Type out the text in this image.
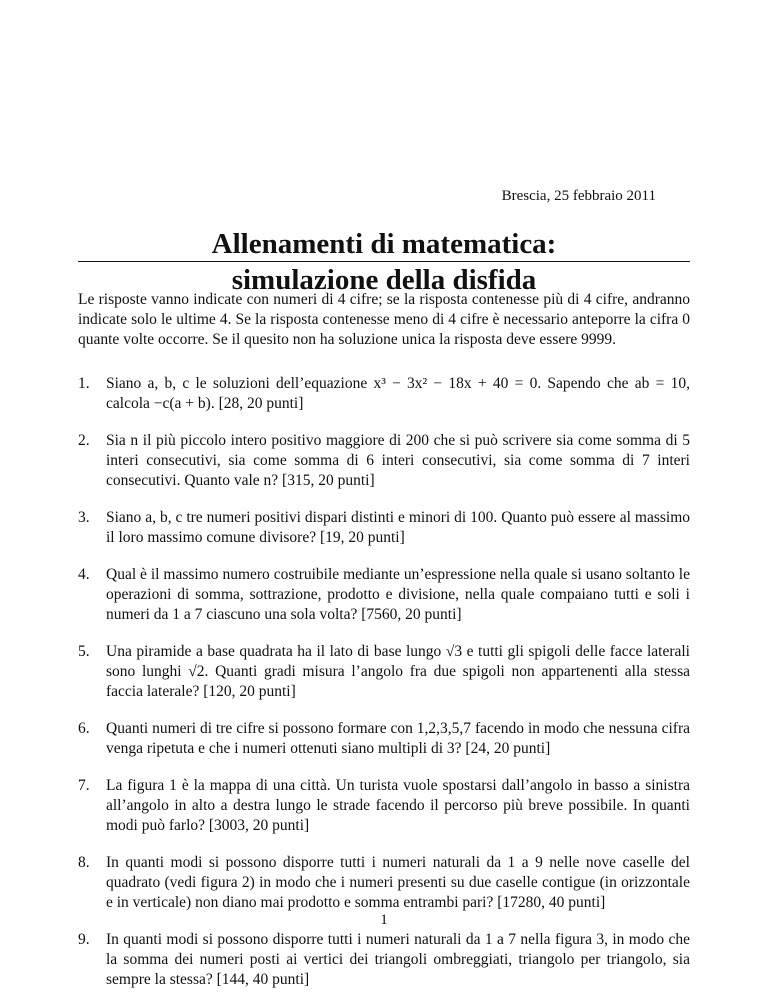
Brescia, 25 febbraio 2011
Allenamenti di matematica:
simulazione della disfida
Le risposte vanno indicate con numeri di 4 cifre; se la risposta contenesse più di 4 cifre, andranno indicate solo le ultime 4. Se la risposta contenesse meno di 4 cifre è necessario anteporre la cifra 0 quante volte occorre. Se il quesito non ha soluzione unica la risposta deve essere 9999.
1. Siano a, b, c le soluzioni dell’equazione x³ − 3x² − 18x + 40 = 0. Sapendo che ab = 10, calcola −c(a + b). [28, 20 punti]
2. Sia n il più piccolo intero positivo maggiore di 200 che si può scrivere sia come somma di 5 interi consecutivi, sia come somma di 6 interi consecutivi, sia come somma di 7 interi consecutivi. Quanto vale n? [315, 20 punti]
3. Siano a, b, c tre numeri positivi dispari distinti e minori di 100. Quanto può essere al massimo il loro massimo comune divisore? [19, 20 punti]
4. Qual è il massimo numero costruibile mediante un’espressione nella quale si usano soltanto le operazioni di somma, sottrazione, prodotto e divisione, nella quale compaiano tutti e soli i numeri da 1 a 7 ciascuno una sola volta? [7560, 20 punti]
5. Una piramide a base quadrata ha il lato di base lungo √3 e tutti gli spigoli delle facce laterali sono lunghi √2. Quanti gradi misura l’angolo fra due spigoli non appartenenti alla stessa faccia laterale? [120, 20 punti]
6. Quanti numeri di tre cifre si possono formare con 1,2,3,5,7 facendo in modo che nessuna cifra venga ripetuta e che i numeri ottenuti siano multipli di 3? [24, 20 punti]
7. La figura 1 è la mappa di una città. Un turista vuole spostarsi dall’angolo in basso a sinistra all’angolo in alto a destra lungo le strade facendo il percorso più breve possibile. In quanti modi può farlo? [3003, 20 punti]
8. In quanti modi si possono disporre tutti i numeri naturali da 1 a 9 nelle nove caselle del quadrato (vedi figura 2) in modo che i numeri presenti su due caselle contigue (in orizzontale e in verticale) non diano mai prodotto e somma entrambi pari? [17280, 40 punti]
9. In quanti modi si possono disporre tutti i numeri naturali da 1 a 7 nella figura 3, in modo che la somma dei numeri posti ai vertici dei triangoli ombreggiati, triangolo per triangolo, sia sempre la stessa? [144, 40 punti]
1
